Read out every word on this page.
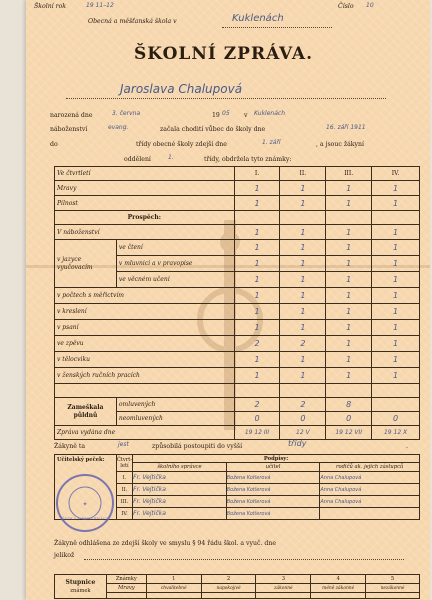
Školní rok	19 11–12	Číslo 10
Obecná a měšťanská škola v	Kuklenách
ŠKOLNÍ ZPRÁVA.
Jaroslava Chalupová
narozená dne	3. června	19 05 v Kuklenách
náboženství	evang.	začala chodití vůbec do školy dne	16. září 1911
do	třídy obecné školy zdejší dne	1. září	, a jsouc žákyní
oddělení	1.	třídy, obdržela tyto známky:
Ve čtvrtletí		I.	II.	III.	IV.
Mravy		1	1	1	1
Pilnost		1	1	1	1
Prospěch:					
V náboženství		1	1	1	1
v jazyce vyučovacím	ve čtení	1	1	1	1
	v mluvnici a v pravopise	1	1	1	1
	ve věcném učení	1	1	1	1
v počtech s měřictvím		1	1	1	1
v kreslení		1	1	1	1
v psaní		1	1	1	1
ve zpěvu		2	2	1	1
v tělocviku		1	1	1	1
v ženských ručních pracích		1	1	1	1

Zameškala půldnů	omluvených	2	2	8	
	neomluvených	0	0	0	0
Zpráva vydána dne		19 12 III	12 V	19 12 VII	19 12 X
Žákyně ta	jest	způsobilá postoupiti do vyšší	třídy	.
Učitelský peček:	Čtvrt-letí	Podpisy:		
		školního správce	učitel	rodičů ak. jejich zástupců
	I.	Fr. Vejtička	Božena Kotlerová	Anna Chalupová
	II.	Fr. Vejtička	Božena Kotlerová	Anna Chalupová
	III.	Fr. Vejtička	Božena Kotlerová	Anna Chalupová
	IV.	Fr. Vejtička	Božena Kotlerová	
✦
ŠKOLA V KUKLENÁCH
Žákyně odhlášena ze zdejší školy ve smyslu § 94 řádu škol. a vyuč. dne
jelikož
Stupnice
známek	Známky	1	2	3	4	5
	Mravy	chvalitebné	napokojivé	zákonné	méně zákonné	nezákonné
